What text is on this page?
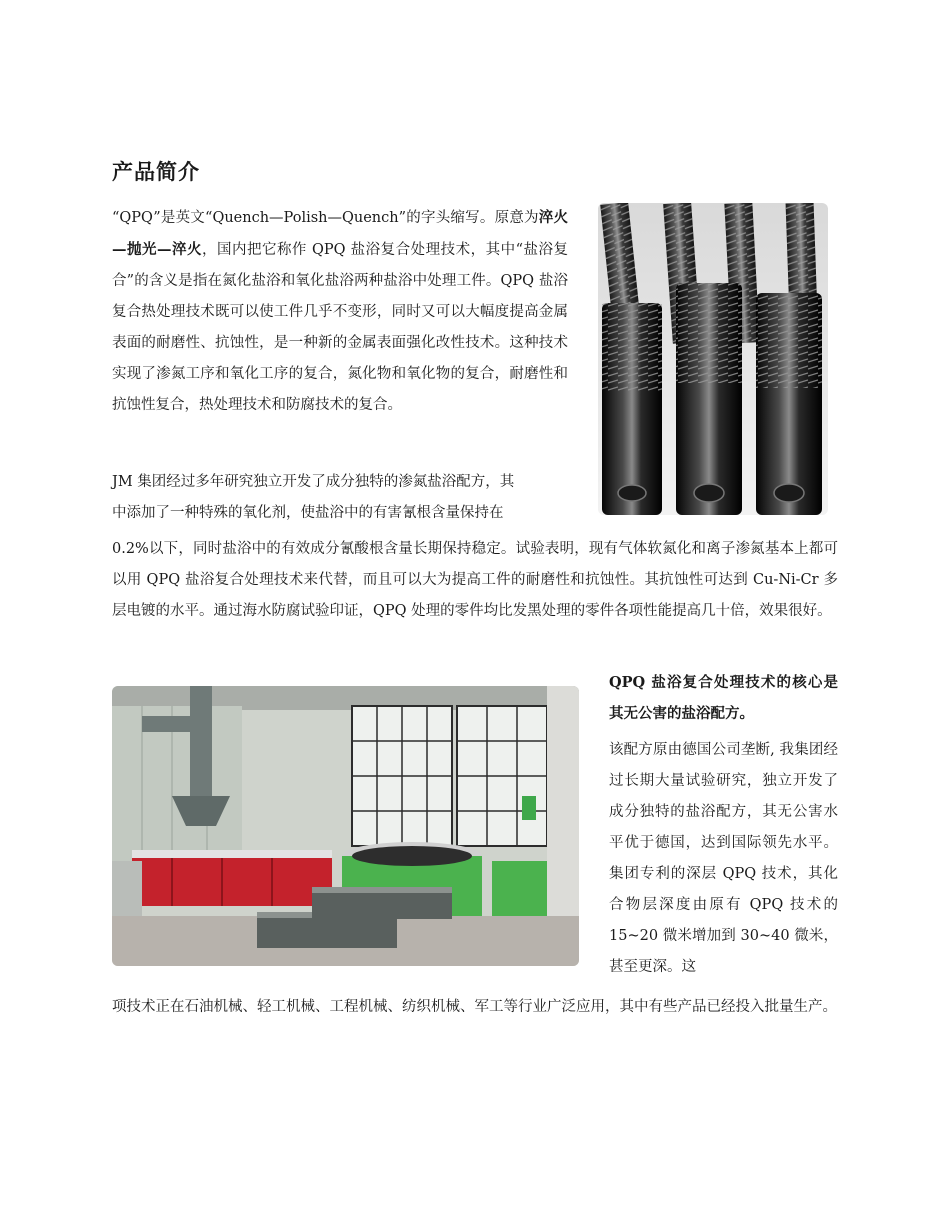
产品简介

“QPQ”是英文“Quench—Polish—Quench”的字头缩写。原意为淬火—抛光—淬火，国内把它称作 QPQ 盐浴复合处理技术，其中“盐浴复合”的含义是指在氮化盐浴和氧化盐浴两种盐浴中处理工件。QPQ 盐浴复合热处理技术既可以使工件几乎不变形，同时又可以大幅度提高金属表面的耐磨性、抗蚀性，是一种新的金属表面强化改性技术。这种技术实现了渗氮工序和氧化工序的复合，氮化物和氧化物的复合，耐磨性和抗蚀性复合，热处理技术和防腐技术的复合。

JM 集团经过多年研究独立开发了成分独特的渗氮盐浴配方，其

中添加了一种特殊的氧化剂，使盐浴中的有害氰根含量保持在

0.2%以下，同时盐浴中的有效成分氰酸根含量长期保持稳定。试验表明，现有气体软氮化和离子渗氮基本上都可以用 QPQ 盐浴复合处理技术来代替，而且可以大为提高工件的耐磨性和抗蚀性。其抗蚀性可达到 Cu-Ni-Cr 多层电镀的水平。通过海水防腐试验印证，QPQ 处理的零件均比发黑处理的零件各项性能提高几十倍，效果很好。

QPQ 盐浴复合处理技术的核心是其无公害的盐浴配方。

该配方原由德国公司垄断, 我集团经过长期大量试验研究，独立开发了成分独特的盐浴配方，其无公害水平优于德国，达到国际领先水平。集团专利的深层 QPQ 技术，其化合物层深度由原有 QPQ 技术的 15~20 微米增加到 30~40 微米，甚至更深。这

项技术正在石油机械、轻工机械、工程机械、纺织机械、军工等行业广泛应用，其中有些产品已经投入批量生产。
